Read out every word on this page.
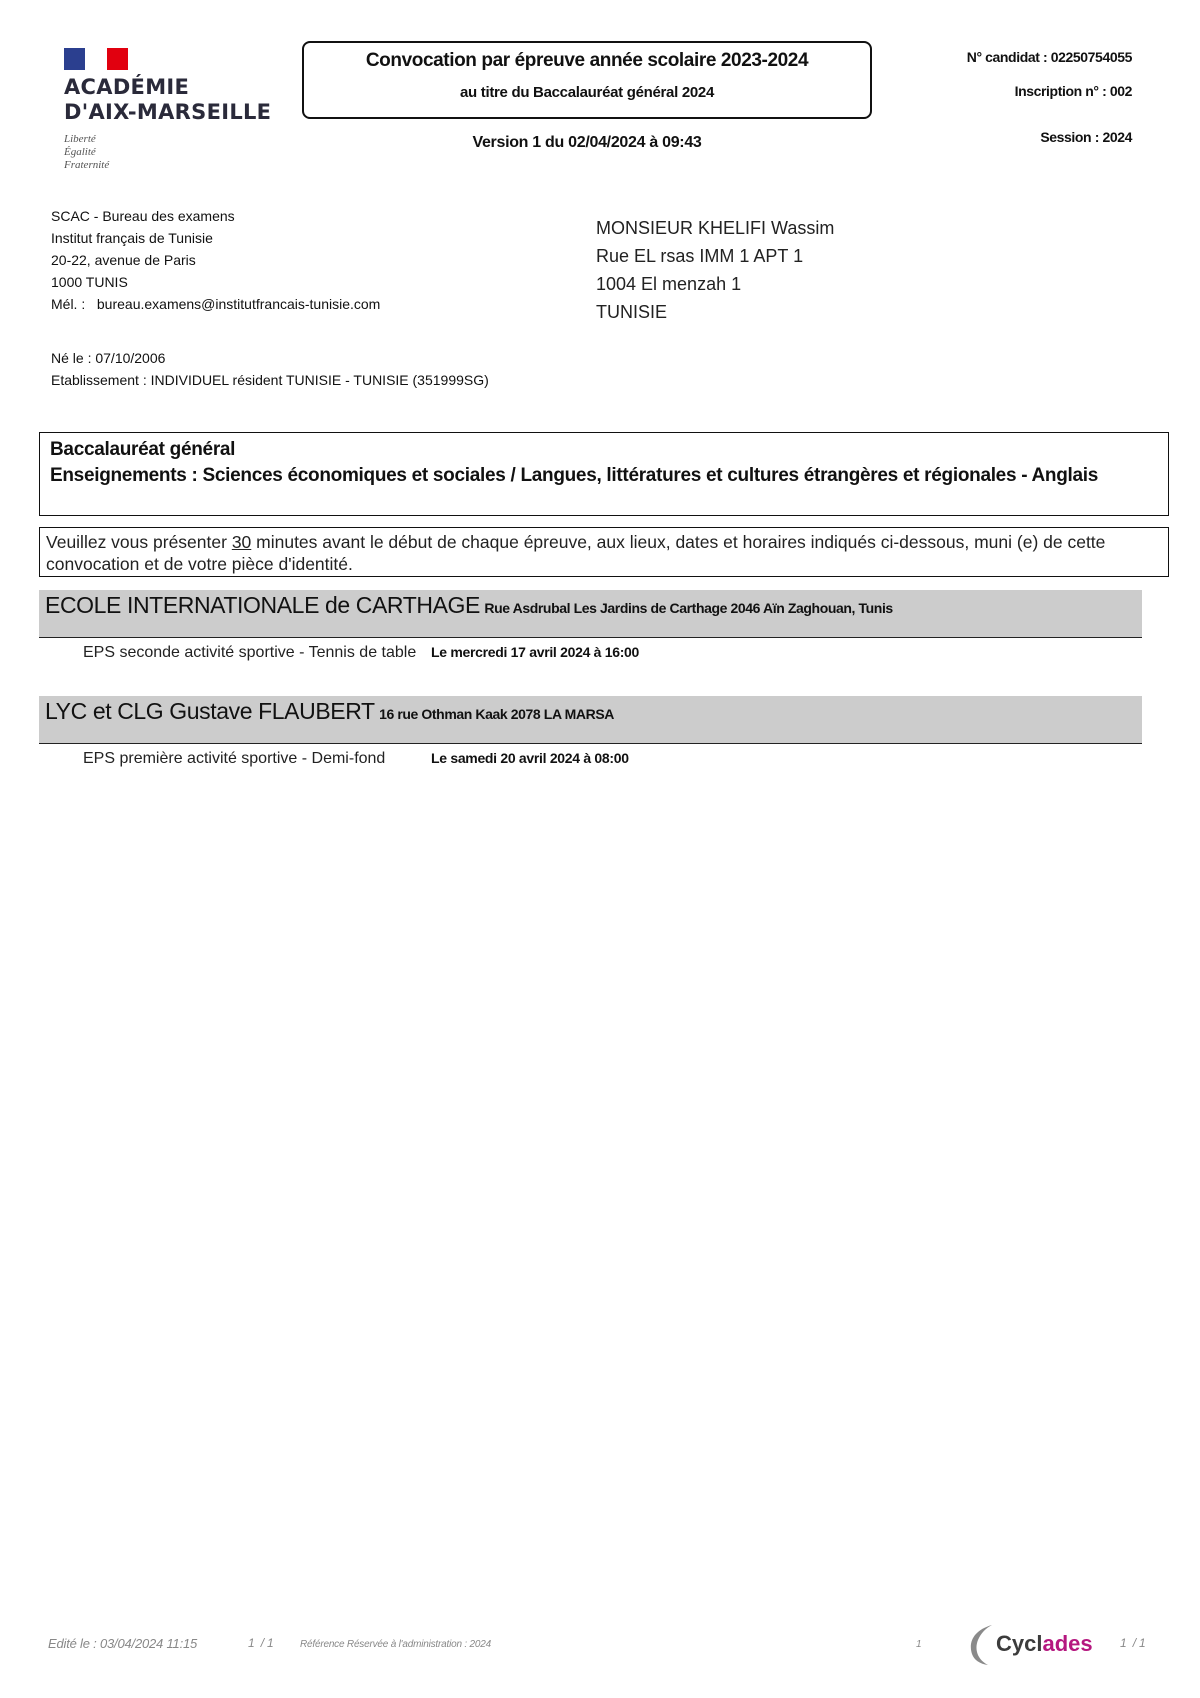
ACADÉMIE
D'AIX-MARSEILLE
Liberté
Égalité
Fraternité
Convocation par épreuve année scolaire 2023-2024
au titre du Baccalauréat général 2024
Version 1 du 02/04/2024 à 09:43
N° candidat : 02250754055
Inscription n° : 002
Session : 2024
SCAC - Bureau des examens
Institut français de Tunisie
20-22, avenue de Paris
1000 TUNIS
Mél. :   bureau.examens@institutfrancais-tunisie.com
MONSIEUR KHELIFI Wassim
Rue EL rsas IMM 1 APT 1
1004 El menzah 1
TUNISIE
Né le : 07/10/2006
Etablissement : INDIVIDUEL résident TUNISIE - TUNISIE (351999SG)
Baccalauréat général
Enseignements : Sciences économiques et sociales / Langues, littératures et cultures étrangères et régionales - Anglais
Veuillez vous présenter 30 minutes avant le début de chaque épreuve, aux lieux, dates et horaires indiqués ci-dessous, muni (e) de cette convocation et de votre pièce d'identité.
ECOLE INTERNATIONALE de CARTHAGE Rue Asdrubal Les Jardins de Carthage 2046 Aïn Zaghouan, Tunis
EPS seconde activité sportive - Tennis de table	Le mercredi 17 avril 2024 à 16:00
LYC et CLG Gustave FLAUBERT 16 rue Othman Kaak 2078 LA MARSA
EPS première activité sportive - Demi-fond	Le samedi 20 avril 2024 à 08:00
Edité le : 03/04/2024 11:15	1  / 1	Référence Réservée à l'administration : 2024	1	Cyclades 1  / 1
